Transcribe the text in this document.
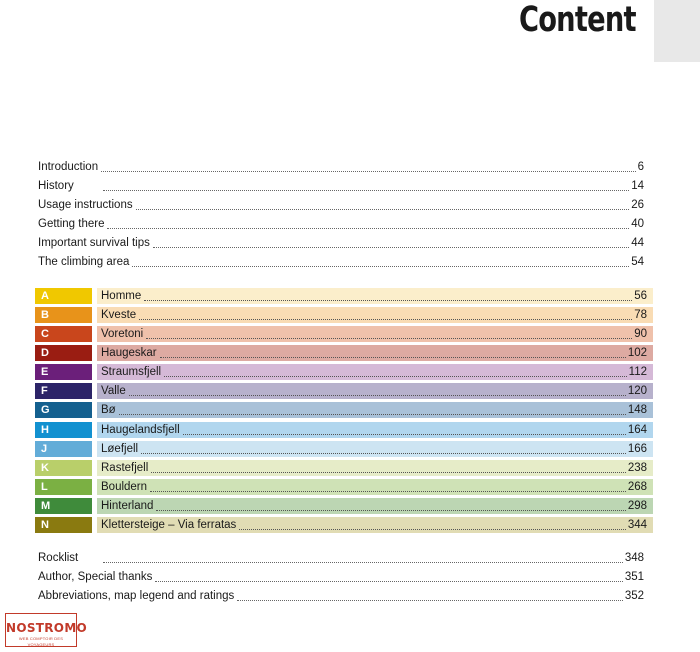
Content
Introduction	6
History	14
Usage instructions	26
Getting there	40
Important survival tips	44
The climbing area	54
A	Homme	56
B	Kveste	78
C	Voretoni	90
D	Haugeskar	102
E	Straumsfjell	112
F	Valle	120
G	Bø	148
H	Haugelandsfjell	164
J	Løefjell	166
K	Rastefjell	238
L	Bouldern	268
M	Hinterland	298
N	Klettersteige – Via ferratas	344
Rocklist	348
Author, Special thanks	351
Abbreviations, map legend and ratings	352
NOSTROMO
WEB COMPTOIR DES VOYAGEURS
